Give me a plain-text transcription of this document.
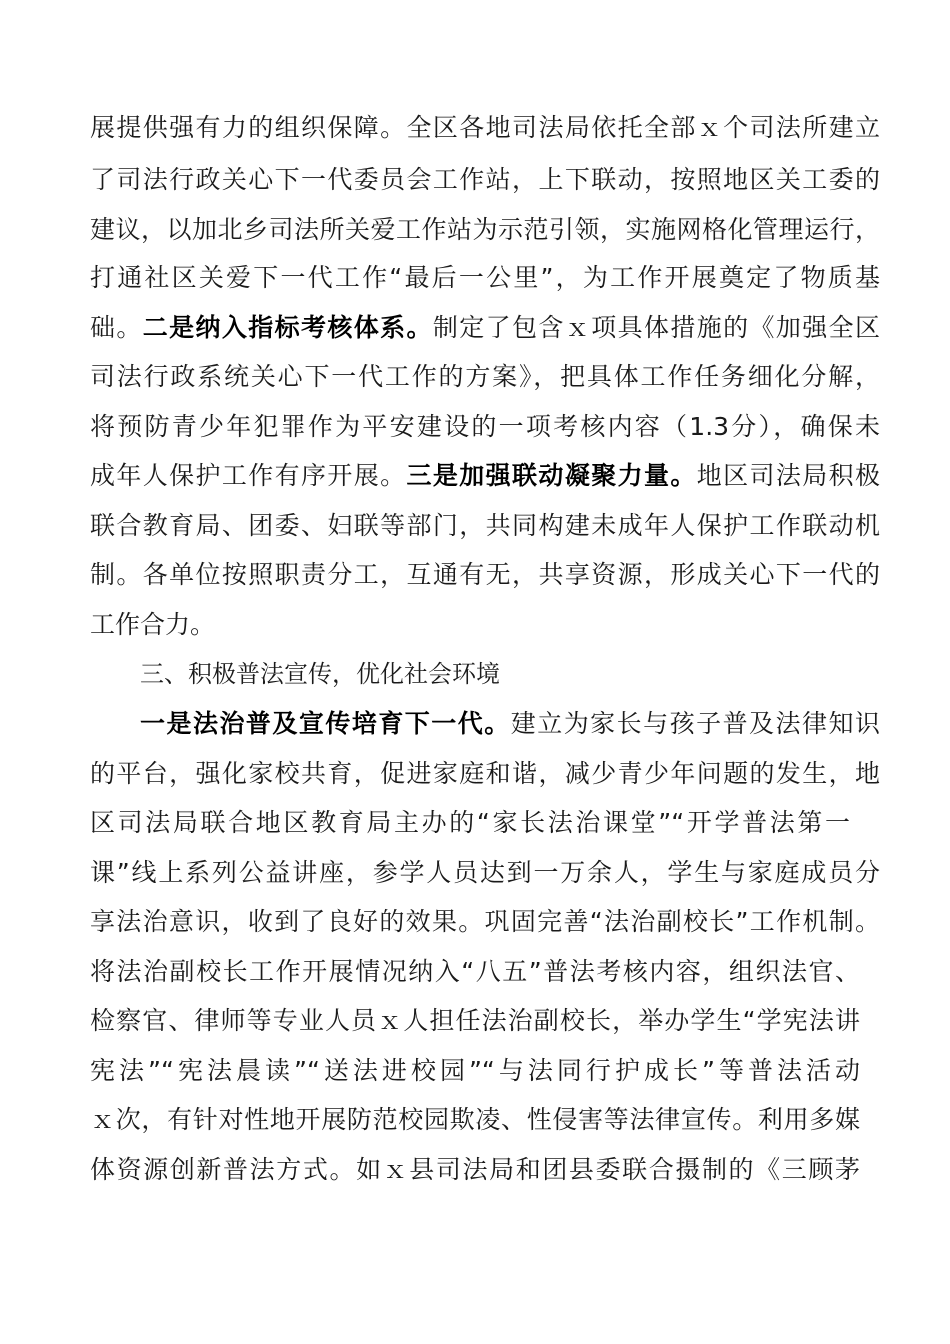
展提供强有力的组织保障。全区各地司法局依托全部ｘ个司法所建立
了司法行政关心下一代委员会工作站，上下联动，按照地区关工委的
建议，以加北乡司法所关爱工作站为示范引领，实施网格化管理运行，
打通社区关爱下一代工作“最后一公里”，为工作开展奠定了物质基
础。二是纳入指标考核体系。制定了包含ｘ项具体措施的《加强全区
司法行政系统关心下一代工作的方案》，把具体工作任务细化分解，
将预防青少年犯罪作为平安建设的一项考核内容（1.3分），确保未
成年人保护工作有序开展。三是加强联动凝聚力量。地区司法局积极
联合教育局、团委、妇联等部门，共同构建未成年人保护工作联动机
制。各单位按照职责分工，互通有无，共享资源，形成关心下一代的
工作合力。
三、积极普法宣传，优化社会环境
一是法治普及宣传培育下一代。建立为家长与孩子普及法律知识
的平台，强化家校共育，促进家庭和谐，减少青少年问题的发生，地
区司法局联合地区教育局主办的“家长法治课堂”“开学普法第一
课”线上系列公益讲座，参学人员达到一万余人，学生与家庭成员分
享法治意识，收到了良好的效果。巩固完善“法治副校长”工作机制。
将法治副校长工作开展情况纳入“八五”普法考核内容，组织法官、
检察官、律师等专业人员ｘ人担任法治副校长，举办学生“学宪法讲
宪法”“宪法晨读”“送法进校园”“与法同行护成长”等普法活动
ｘ次，有针对性地开展防范校园欺凌、性侵害等法律宣传。利用多媒
体资源创新普法方式。如ｘ县司法局和团县委联合摄制的《三顾茅
